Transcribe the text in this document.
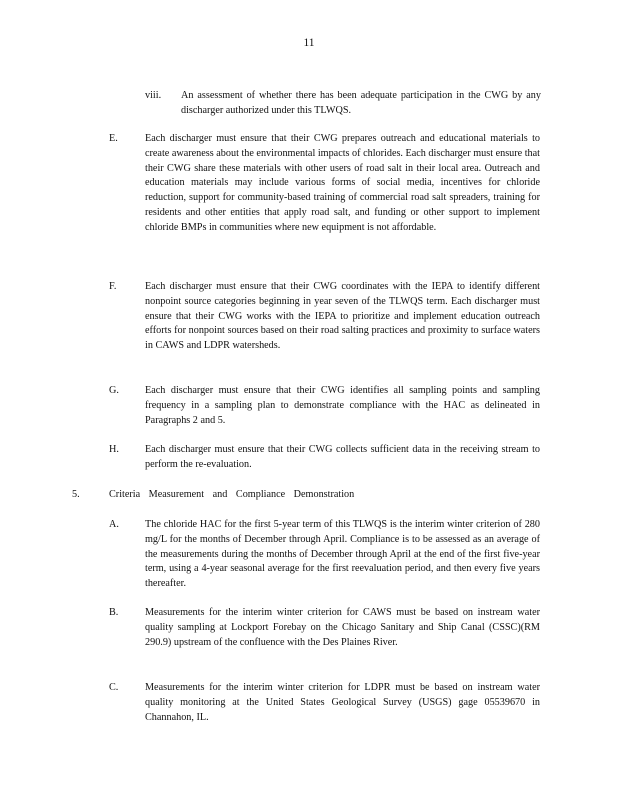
11
viii. An assessment of whether there has been adequate participation in the CWG by any discharger authorized under this TLWQS.

E.	Each discharger must ensure that their CWG prepares outreach and educational materials to create awareness about the environmental impacts of chlorides. Each discharger must ensure that their CWG share these materials with other users of road salt in their local area. Outreach and education materials may include various forms of social media, incentives for chloride reduction, support for community-based training of commercial road salt spreaders, training for residents and other entities that apply road salt, and funding or other support to implement chloride BMPs in communities where new equipment is not affordable.

F.	Each discharger must ensure that their CWG coordinates with the IEPA to identify different nonpoint source categories beginning in year seven of the TLWQS term. Each discharger must ensure that their CWG works with the IEPA to prioritize and implement education outreach efforts for nonpoint sources based on their road salting practices and proximity to surface waters in CAWS and LDPR watersheds.

G.	Each discharger must ensure that their CWG identifies all sampling points and sampling frequency in a sampling plan to demonstrate compliance with the HAC as delineated in Paragraphs 2 and 5.

H.	Each discharger must ensure that their CWG collects sufficient data in the receiving stream to perform the re-evaluation.

5.	Criteria Measurement and Compliance Demonstration
A.	The chloride HAC for the first 5-year term of this TLWQS is the interim winter criterion of 280 mg/L for the months of December through April. Compliance is to be assessed as an average of the measurements during the months of December through April at the end of the first five-year term, using a 4-year seasonal average for the first reevaluation period, and then every five years thereafter.

B.	Measurements for the interim winter criterion for CAWS must be based on instream water quality sampling at Lockport Forebay on the Chicago Sanitary and Ship Canal (CSSC)(RM 290.9) upstream of the confluence with the Des Plaines River.

C.	Measurements for the interim winter criterion for LDPR must be based on instream water quality monitoring at the United States Geological Survey (USGS) gage 05539670 in Channahon, IL.
